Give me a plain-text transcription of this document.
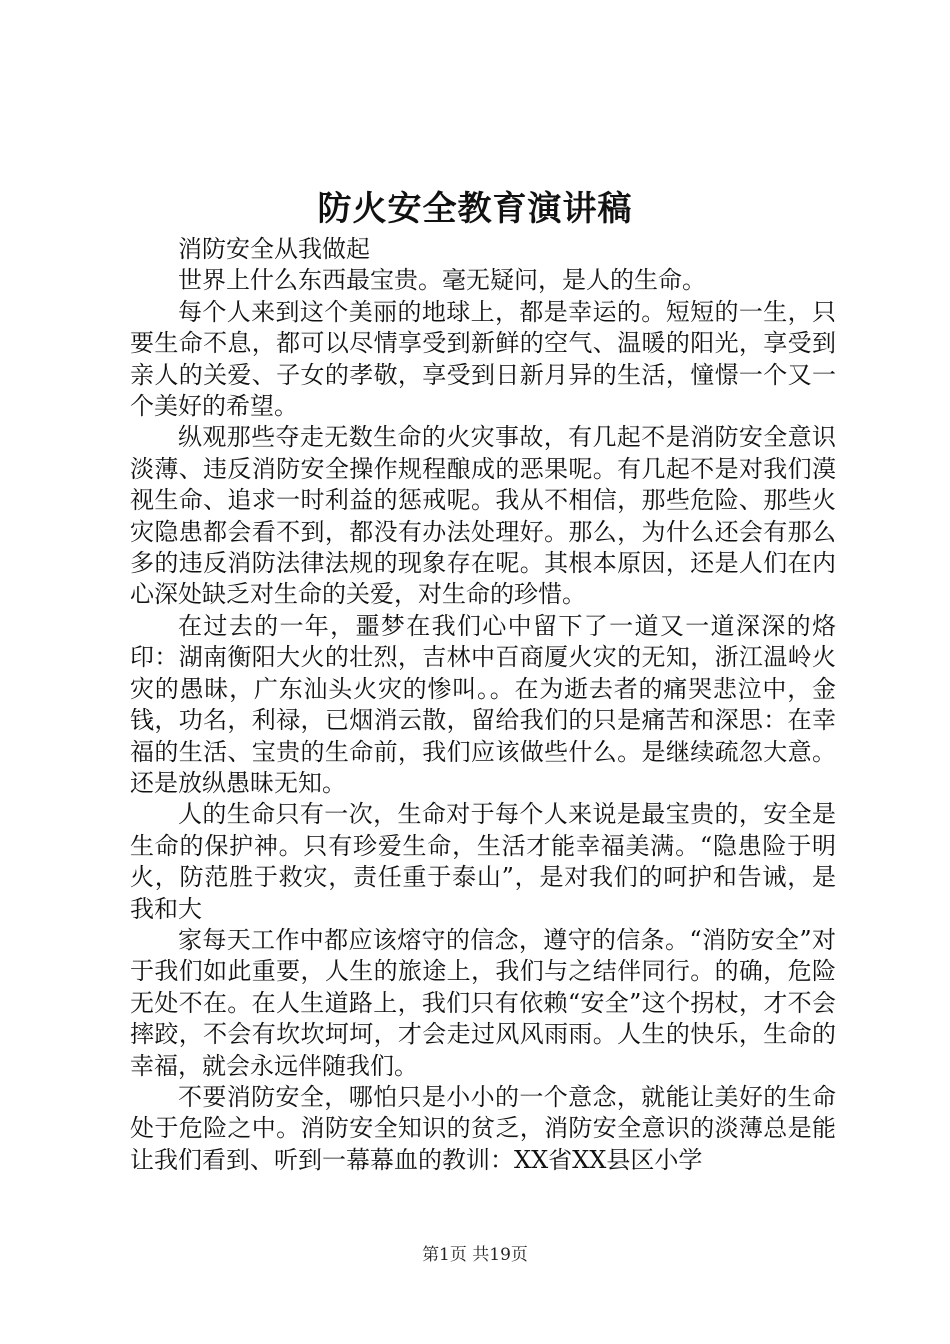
防火安全教育演讲稿

消防安全从我做起

世界上什么东西最宝贵。毫无疑问，是人的生命。

每个人来到这个美丽的地球上，都是幸运的。短短的一生，只要生命不息，都可以尽情享受到新鲜的空气、温暖的阳光，享受到亲人的关爱、子女的孝敬，享受到日新月异的生活，憧憬一个又一个美好的希望。

纵观那些夺走无数生命的火灾事故，有几起不是消防安全意识淡薄、违反消防安全操作规程酿成的恶果呢。有几起不是对我们漠视生命、追求一时利益的惩戒呢。我从不相信，那些危险、那些火灾隐患都会看不到，都没有办法处理好。那么，为什么还会有那么多的违反消防法律法规的现象存在呢。其根本原因，还是人们在内心深处缺乏对生命的关爱，对生命的珍惜。

在过去的一年，噩梦在我们心中留下了一道又一道深深的烙印：湖南衡阳大火的壮烈，吉林中百商厦火灾的无知，浙江温岭火灾的愚昧，广东汕头火灾的惨叫。。在为逝去者的痛哭悲泣中，金钱，功名，利禄，已烟消云散，留给我们的只是痛苦和深思：在幸福的生活、宝贵的生命前，我们应该做些什么。是继续疏忽大意。还是放纵愚昧无知。

人的生命只有一次，生命对于每个人来说是最宝贵的，安全是生命的保护神。只有珍爱生命，生活才能幸福美满。“隐患险于明火，防范胜于救灾，责任重于泰山”，是对我们的呵护和告诫，是我和大

家每天工作中都应该熔守的信念，遵守的信条。“消防安全”对于我们如此重要，人生的旅途上，我们与之结伴同行。的确，危险无处不在。在人生道路上，我们只有依赖“安全”这个拐杖，才不会摔跤，不会有坎坎坷坷，才会走过风风雨雨。人生的快乐，生命的幸福，就会永远伴随我们。

不要消防安全，哪怕只是小小的一个意念，就能让美好的生命处于危险之中。消防安全知识的贫乏，消防安全意识的淡薄总是能让我们看到、听到一幕幕血的教训：XX省XX县区小学

第1页 共19页
